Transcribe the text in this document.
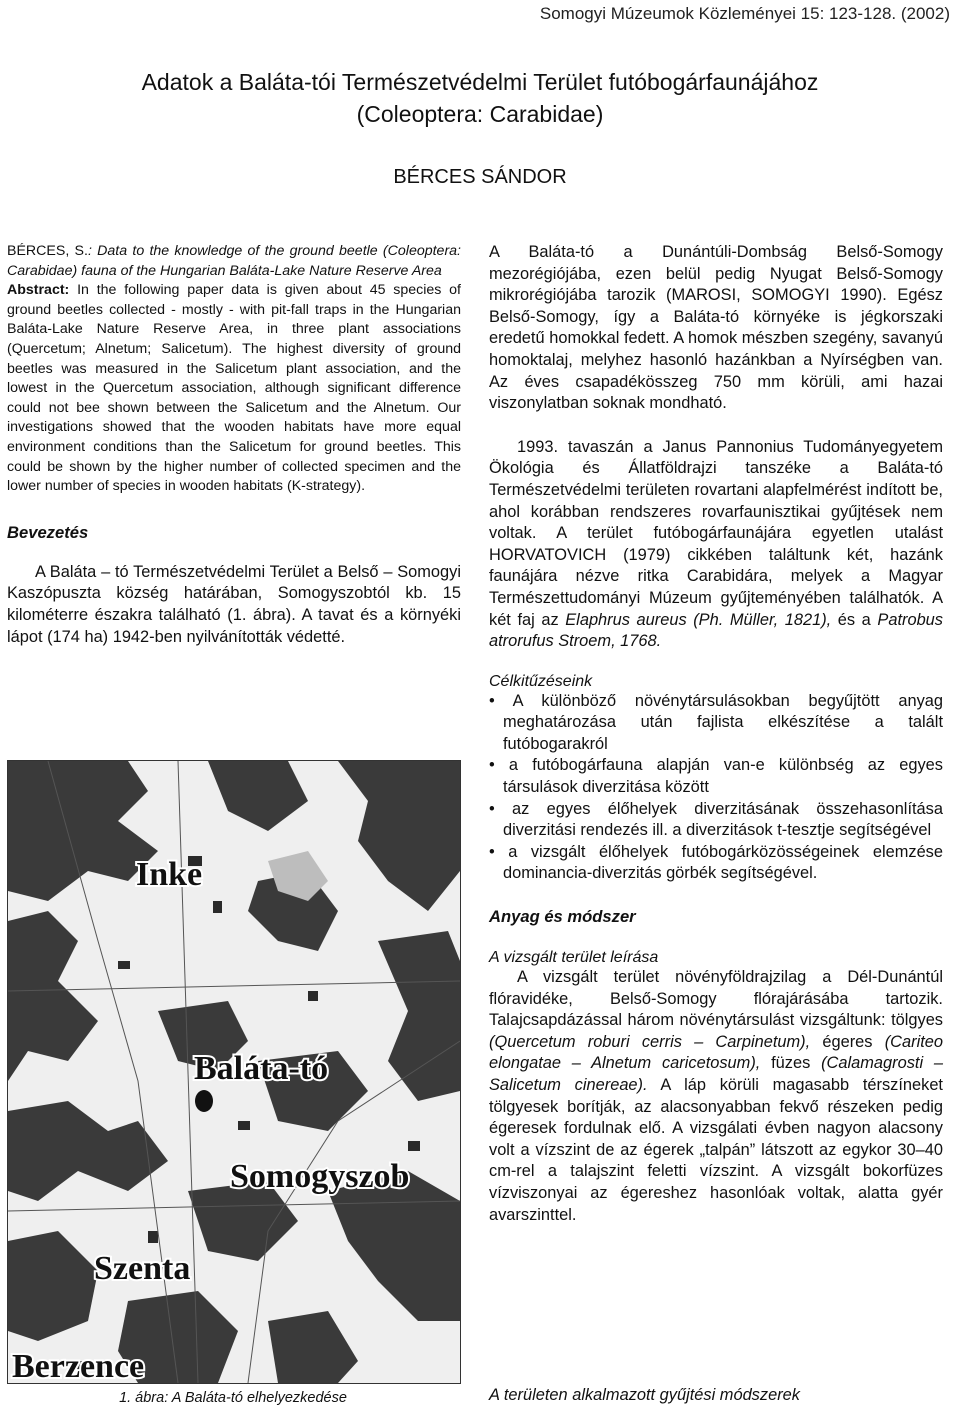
Somogyi Múzeumok Közleményei 15: 123-128. (2002)
Adatok a Baláta-tói Természetvédelmi Terület futóbogárfaunájához
(Coleoptera: Carabidae)
BÉRCES SÁNDOR

BÉRCES, S.: Data to the knowledge of the ground beetle (Coleoptera: Carabidae) fauna of the Hungarian Baláta-Lake Nature Reserve Area
Abstract: In the following paper data is given about 45 species of ground beetles collected - mostly - with pit-fall traps in the Hungarian Baláta-Lake Nature Reserve Area, in three plant associations (Quercetum; Alnetum; Salicetum). The highest diversity of ground beetles was measured in the Salicetum plant association, and the lowest in the Quercetum association, although significant difference could not bee shown between the Salicetum and the Alnetum. Our investigations showed that the wooden habitats have more equal environment conditions than the Salicetum for ground beetles. This could be shown by the higher number of collected specimen and the lower number of species in wooden habitats (K-strategy).

Bevezetés

A Baláta – tó Természetvédelmi Terület a Belső – Somogyi Kaszópuszta község határában, Somogyszobtól kb. 15 kilométerre északra található (1. ábra). A tavat és a környéki lápot (174 ha) 1942-ben nyilvánították védetté.

Inke
Baláta-tó
Somogyszob
Szenta
Berzence
1. ábra: A Baláta-tó elhelyezkedése

A Baláta-tó a Dunántúli-Dombság Belső-Somogy mezorégiójába, ezen belül pedig Nyugat Belső-Somogy mikrorégiójába tarozik (MAROSI, SOMOGYI 1990). Egész Belső-Somogy, így a Baláta-tó környéke is jégkorszaki eredetű homokkal fedett. A homok mészben szegény, savanyú homoktalaj, melyhez hasonló hazánkban a Nyírségben van. Az éves csapadékösszeg 750 mm körüli, ami hazai viszonylatban soknak mondható.

1993. tavaszán a Janus Pannonius Tudományegyetem Ökológia és Állatföldrajzi tanszéke a Baláta-tó Természetvédelmi területen rovartani alapfelmérést indított be, ahol korábban rendszeres rovarfaunisztikai gyűjtések nem voltak. A terület futóbogárfaunájára egyetlen utalást HORVATOVICH (1979) cikkében találtunk két, hazánk faunájára nézve ritka Carabidára, melyek a Magyar Természettudományi Múzeum gyűjteményében találhatók. A két faj az Elaphrus aureus (Ph. Müller, 1821), és a Patrobus atrorufus Stroem, 1768.

Célkitűzéseink

• A különböző növénytársulásokban begyűjtött anyag meghatározása után fajlista elkészítése a talált futóbogarakról
• a futóbogárfauna alapján van-e különbség az egyes társulások diverzitása között
• az egyes élőhelyek diverzitásának összehasonlítása diverzitási rendezés ill. a diverzitások t-tesztje segítségével
• a vizsgált élőhelyek futóbogárközösségeinek elemzése dominancia-diverzitás görbék segítségével.

Anyag és módszer

A vizsgált terület leírása

A vizsgált terület növényföldrajzilag a Dél-Dunántúl flóravidéke, Belső-Somogy flórajárásába tartozik. Talajcsapdázással három növénytársulást vizsgáltunk: tölgyes (Quercetum roburi cerris – Carpinetum), égeres (Cariteo elongatae – Alnetum caricetosum), füzes (Calamagrosti – Salicetum cinereae). A láp körüli magasabb térszíneket tölgyesek borítják, az alacsonyabban fekvő részeken pedig égeresek fordulnak elő. A vizsgálati évben nagyon alacsony volt a vízszint de az égerek „talpán” látszott az egykor 30–40 cm-rel a talajszint feletti vízszint. A vizsgált bokorfüzes vízviszonyai az égereshez hasonlóak voltak, alatta gyér avarszinttel.

A területen alkalmazott gyűjtési módszerek
